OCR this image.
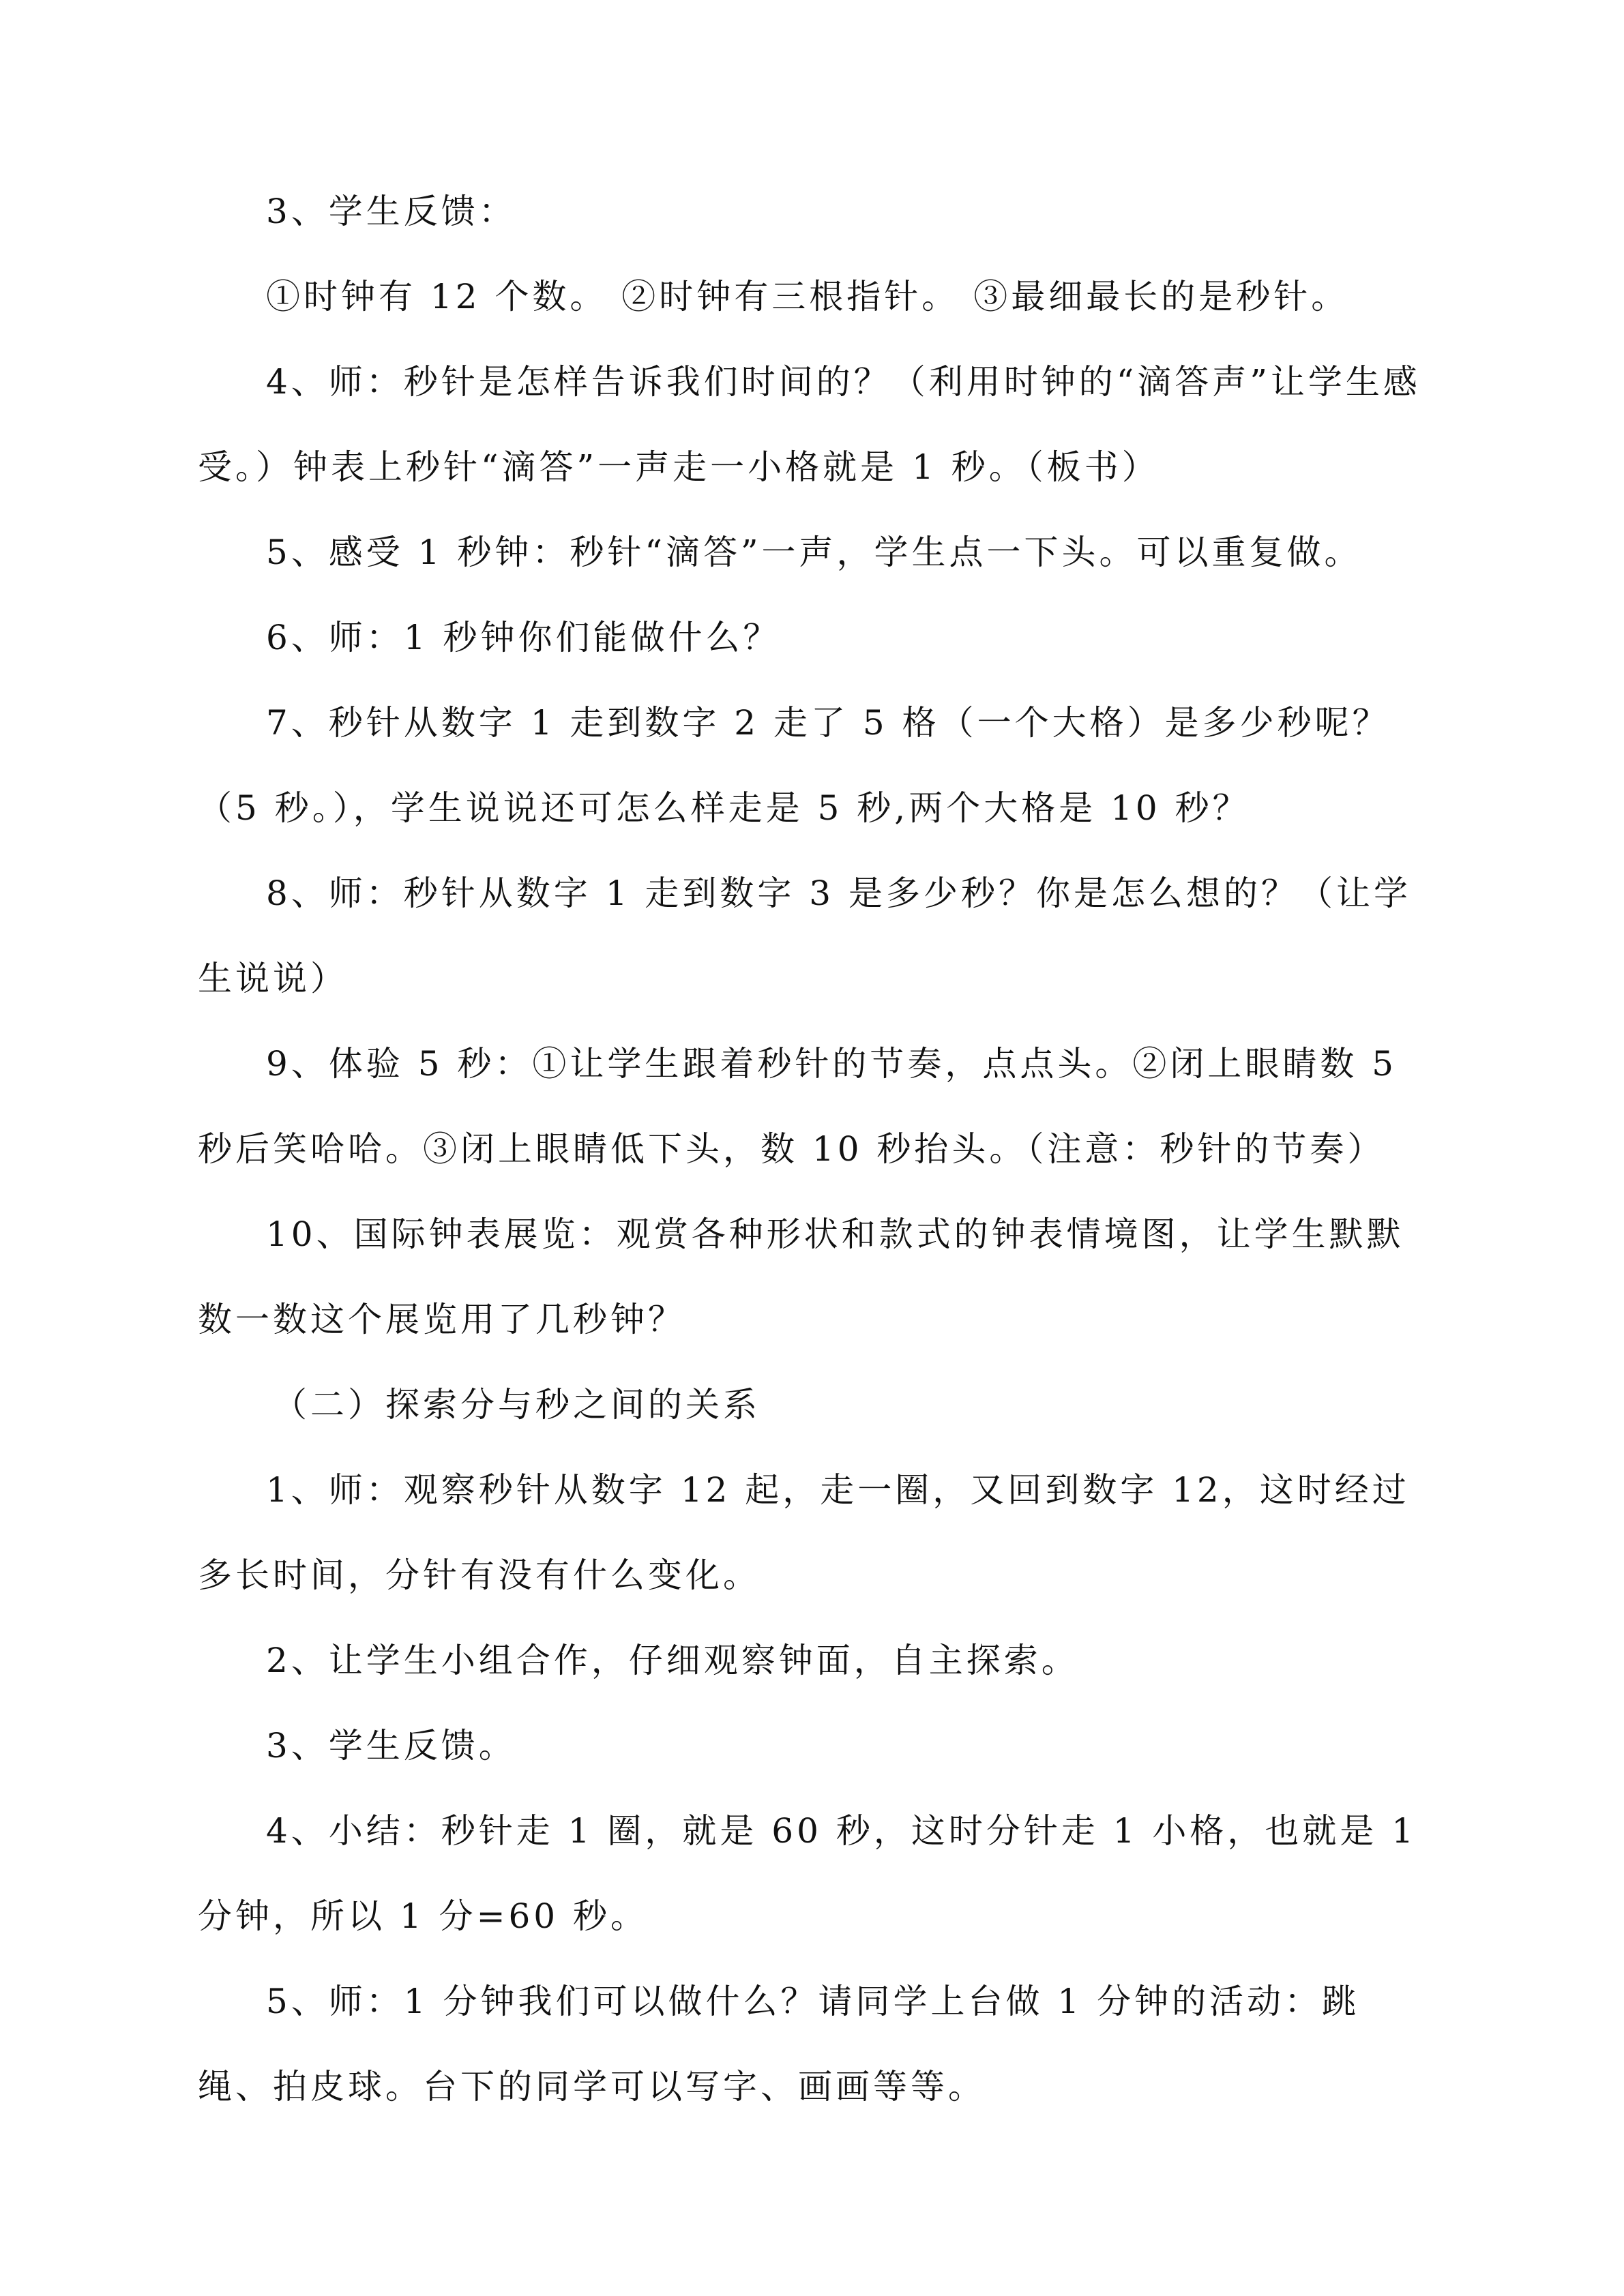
3、学生反馈：

①时钟有 12 个数。 ②时钟有三根指针。 ③最细最长的是秒针。

4、师：秒针是怎样告诉我们时间的？（利用时钟的“滴答声”让学生感受。）钟表上秒针“滴答”一声走一小格就是 1 秒。（板书）

5、感受 1 秒钟：秒针“滴答”一声，学生点一下头。可以重复做。

6、师：1 秒钟你们能做什么？

7、秒针从数字 1 走到数字 2 走了 5 格（一个大格）是多少秒呢？（5 秒。），学生说说还可怎么样走是 5 秒,两个大格是 10 秒？

8、师：秒针从数字 1 走到数字 3 是多少秒？你是怎么想的？（让学生说说）

9、体验 5 秒：①让学生跟着秒针的节奏，点点头。②闭上眼睛数 5 秒后笑哈哈。③闭上眼睛低下头，数 10 秒抬头。（注意：秒针的节奏）

10、国际钟表展览：观赏各种形状和款式的钟表情境图，让学生默默数一数这个展览用了几秒钟？

（二）探索分与秒之间的关系

1、师：观察秒针从数字 12 起，走一圈，又回到数字 12，这时经过多长时间，分针有没有什么变化。

2、让学生小组合作，仔细观察钟面，自主探索。

3、学生反馈。

4、小结：秒针走 1 圈，就是 60 秒，这时分针走 1 小格，也就是 1 分钟，所以 1 分=60 秒。

5、师：1 分钟我们可以做什么？请同学上台做 1 分钟的活动：跳绳、拍皮球。台下的同学可以写字、画画等等。
